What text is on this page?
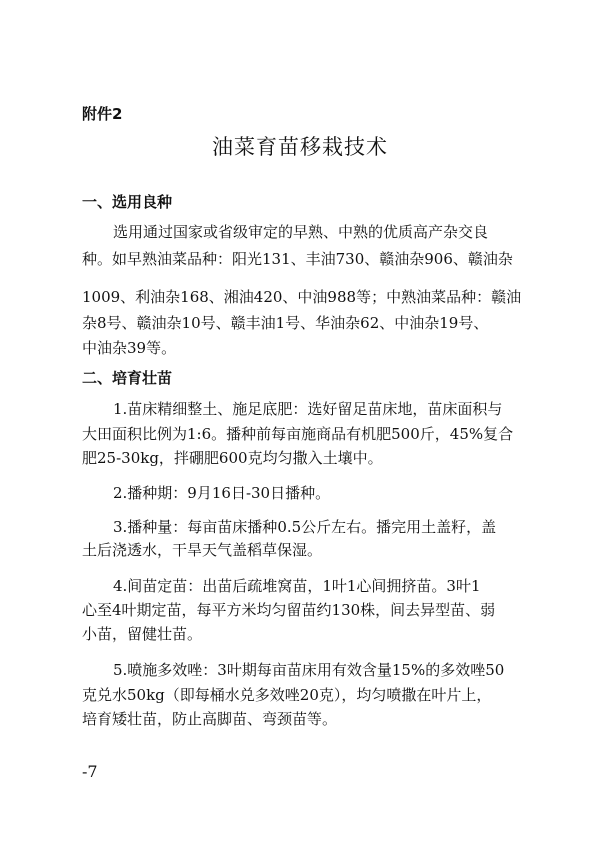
附件2
油菜育苗移栽技术
一、选用良种
选用通过国家或省级审定的早熟、中熟的优质高产杂交良
种。如早熟油菜品种：阳光131、丰油730、赣油杂906、赣油杂
1009、利油杂168、湘油420、中油988等；中熟油菜品种：赣油
杂8号、赣油杂10号、赣丰油1号、华油杂62、中油杂19号、
中油杂39等。
二、培育壮苗
1.苗床精细整土、施足底肥：选好留足苗床地，苗床面积与
大田面积比例为1:6。播种前每亩施商品有机肥500斤，45%复合
肥25-30kg，拌硼肥600克均匀撒入土壤中。
2.播种期：9月16日-30日播种。
3.播种量：每亩苗床播种0.5公斤左右。播完用土盖籽，盖
土后浇透水，干旱天气盖稻草保湿。
4.间苗定苗：出苗后疏堆窝苗，1叶1心间拥挤苗。3叶1
心至4叶期定苗，每平方米均匀留苗约130株，间去异型苗、弱
小苗，留健壮苗。
5.喷施多效唑：3叶期每亩苗床用有效含量15%的多效唑50
克兑水50kg（即每桶水兑多效唑20克），均匀喷撒在叶片上，
培育矮壮苗，防止高脚苗、弯颈苗等。
-7
